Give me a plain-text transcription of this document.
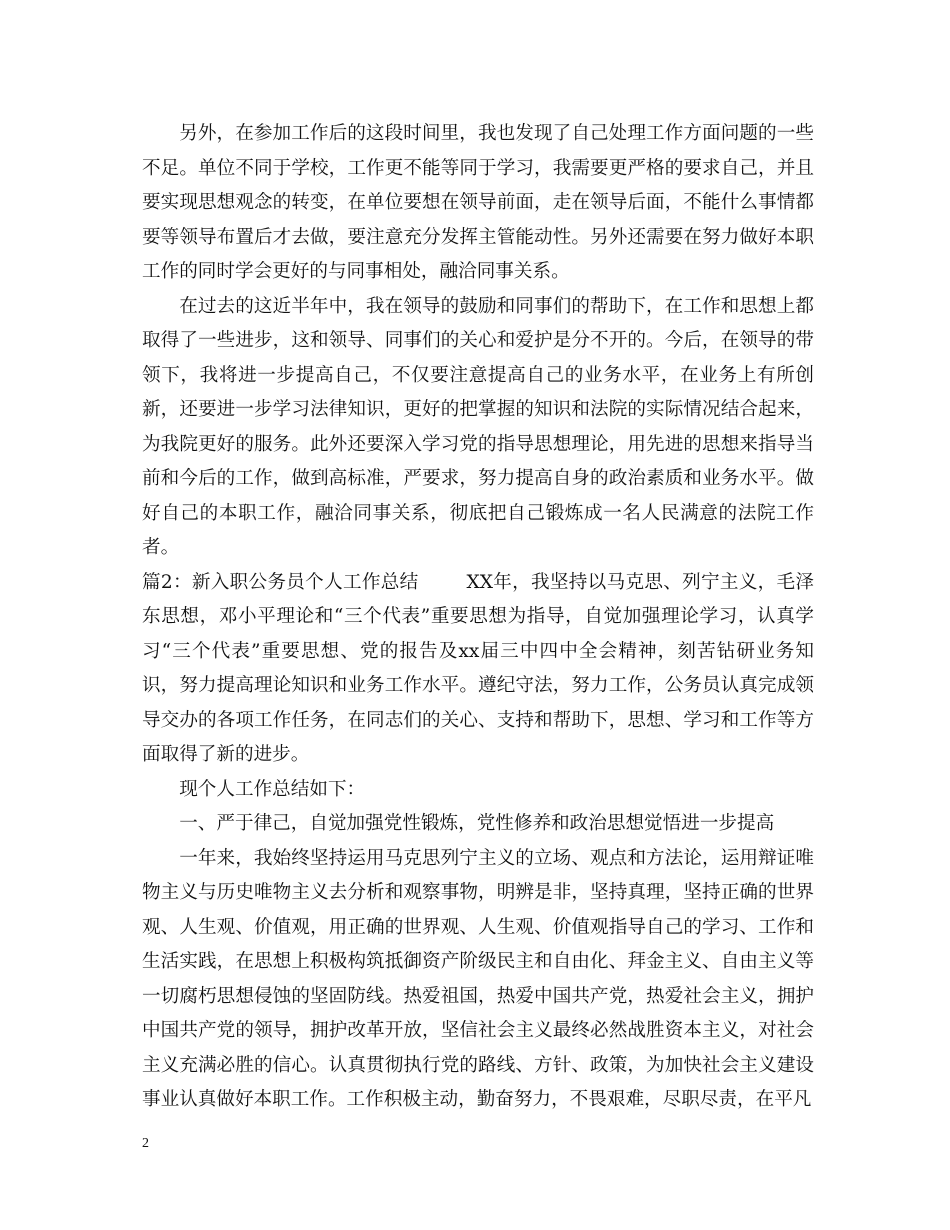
另外，在参加工作后的这段时间里，我也发现了自己处理工作方面问题的一些不足。单位不同于学校，工作更不能等同于学习，我需要更严格的要求自己，并且要实现思想观念的转变，在单位要想在领导前面，走在领导后面，不能什么事情都要等领导布置后才去做，要注意充分发挥主管能动性。另外还需要在努力做好本职工作的同时学会更好的与同事相处，融洽同事关系。

在过去的这近半年中，我在领导的鼓励和同事们的帮助下，在工作和思想上都取得了一些进步，这和领导、同事们的关心和爱护是分不开的。今后，在领导的带领下，我将进一步提高自己，不仅要注意提高自己的业务水平，在业务上有所创新，还要进一步学习法律知识，更好的把掌握的知识和法院的实际情况结合起来，为我院更好的服务。此外还要深入学习党的指导思想理论，用先进的思想来指导当前和今后的工作，做到高标准，严要求，努力提高自身的政治素质和业务水平。做好自己的本职工作，融洽同事关系，彻底把自己锻炼成一名人民满意的法院工作者。

篇2：新入职公务员个人工作总结	XX年，我坚持以马克思、列宁主义，毛泽东思想，邓小平理论和“三个代表”重要思想为指导，自觉加强理论学习，认真学习“三个代表”重要思想、党的报告及xx届三中四中全会精神，刻苦钻研业务知识，努力提高理论知识和业务工作水平。遵纪守法，努力工作，公务员认真完成领导交办的各项工作任务，在同志们的关心、支持和帮助下，思想、学习和工作等方面取得了新的进步。

现个人工作总结如下：

一、严于律己，自觉加强党性锻炼，党性修养和政治思想觉悟进一步提高

一年来，我始终坚持运用马克思列宁主义的立场、观点和方法论，运用辩证唯物主义与历史唯物主义去分析和观察事物，明辨是非，坚持真理，坚持正确的世界观、人生观、价值观，用正确的世界观、人生观、价值观指导自己的学习、工作和生活实践，在思想上积极构筑抵御资产阶级民主和自由化、拜金主义、自由主义等一切腐朽思想侵蚀的坚固防线。热爱祖国，热爱中国共产党，热爱社会主义，拥护中国共产党的领导，拥护改革开放，坚信社会主义最终必然战胜资本主义，对社会主义充满必胜的信心。认真贯彻执行党的路线、方针、政策，为加快社会主义建设事业认真做好本职工作。工作积极主动，勤奋努力，不畏艰难，尽职尽责，在平凡

2
